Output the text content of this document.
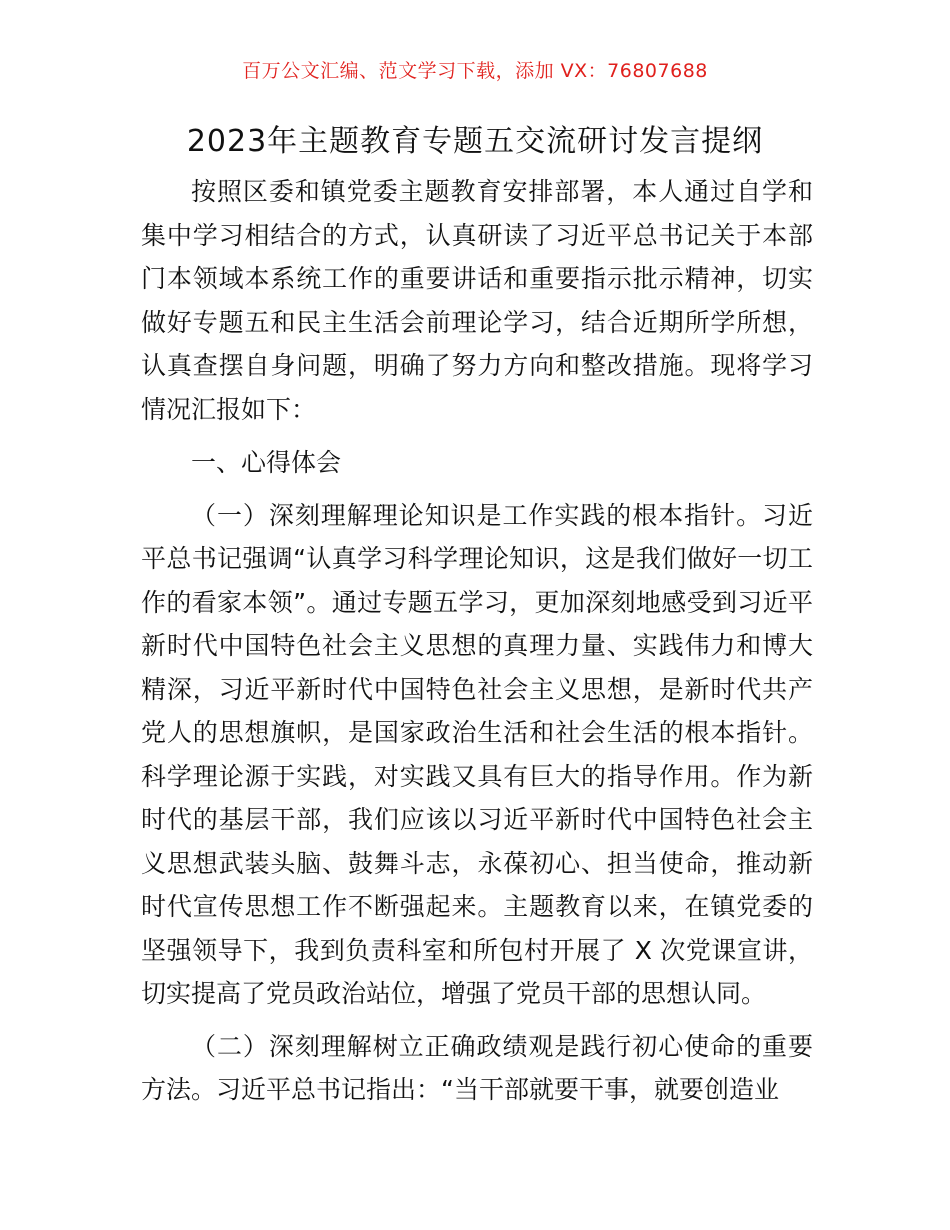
百万公文汇编、范文学习下载，添加 VX：76807688
2023年主题教育专题五交流研讨发言提纲

按照区委和镇党委主题教育安排部署，本人通过自学和集中学习相结合的方式，认真研读了习近平总书记关于本部门本领域本系统工作的重要讲话和重要指示批示精神，切实做好专题五和民主生活会前理论学习，结合近期所学所想，认真查摆自身问题，明确了努力方向和整改措施。现将学习情况汇报如下：

一、心得体会

（一）深刻理解理论知识是工作实践的根本指针。习近平总书记强调“认真学习科学理论知识，这是我们做好一切工作的看家本领”。通过专题五学习，更加深刻地感受到习近平新时代中国特色社会主义思想的真理力量、实践伟力和博大精深，习近平新时代中国特色社会主义思想，是新时代共产党人的思想旗帜，是国家政治生活和社会生活的根本指针。科学理论源于实践，对实践又具有巨大的指导作用。作为新时代的基层干部，我们应该以习近平新时代中国特色社会主义思想武装头脑、鼓舞斗志，永葆初心、担当使命，推动新时代宣传思想工作不断强起来。主题教育以来，在镇党委的坚强领导下，我到负责科室和所包村开展了 X 次党课宣讲，切实提高了党员政治站位，增强了党员干部的思想认同。

（二）深刻理解树立正确政绩观是践行初心使命的重要方法。习近平总书记指出：“当干部就要干事，就要创造业
